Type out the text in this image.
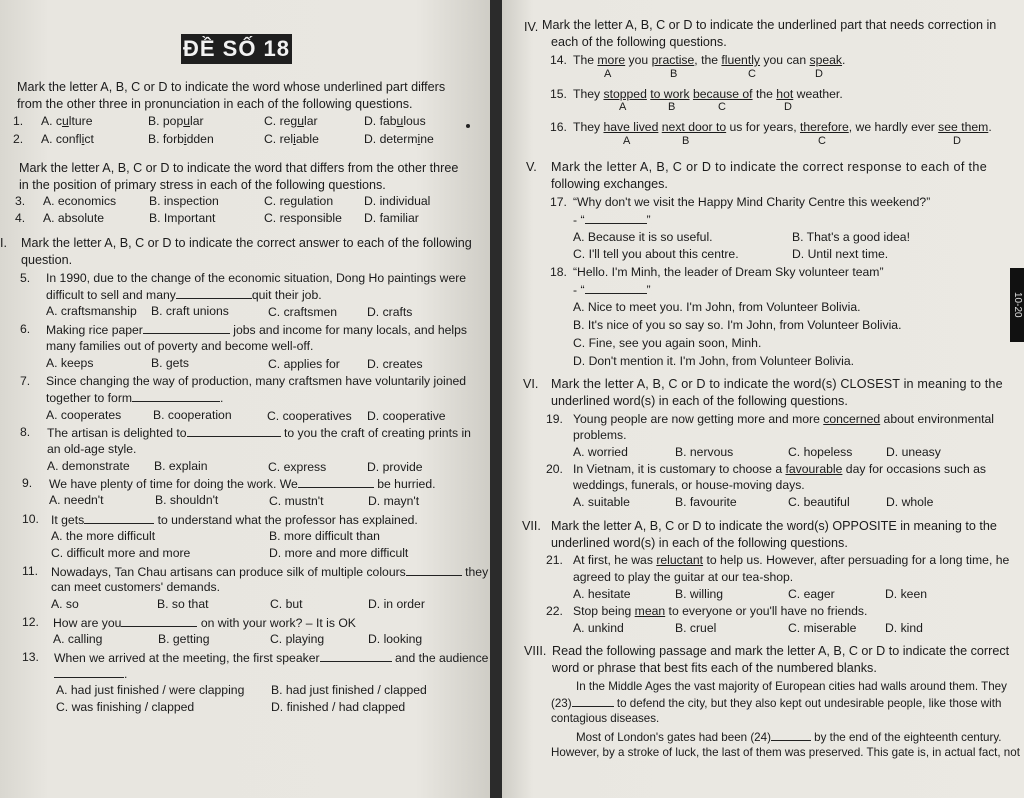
ĐỀ SỐ 18
Mark the letter A, B, C or D to indicate the word whose underlined part differs
from the other three in pronunciation in each of the following questions.
1. A. culture	B. popular	C. regular	D. fabulous
2. A. conflict	B. forbidden	C. reliable	D. determine
Mark the letter A, B, C or D to indicate the word that differs from the other three
in the position of primary stress in each of the following questions.
3. A. economics	B. inspection	C. regulation	D. individual
4. A. absolute	B. Important	C. responsible D. familiar
I. Mark the letter A, B, C or D to indicate the correct answer to each of the following
question.
5. In 1990, due to the change of the economic situation, Dong Ho paintings were
difficult to sell and many	quit their job.
A. craftsmanship B. craft unions	C. craftsmen D. crafts
6. Making rice paper	jobs and income for many locals, and helps
many families out of poverty and become well-off.
A. keeps	B. gets	C. applies for D. creates
7. Since changing the way of production, many craftsmen have voluntarily joined
together to form	.
A. cooperates	B. cooperation	C. cooperatives D. cooperative
8. The artisan is delighted to	to you the craft of creating prints in
an old-age style.
A. demonstrate B. explain	C. express	D. provide
9. We have plenty of time for doing the work. We	be hurried.
A. needn't	B. shouldn't	C. mustn't	D. mayn't
10. It gets	to understand what the professor has explained.
A. the more difficult	B. more difficult than
C. difficult more and more	D. more and more difficult
11. Nowadays, Tan Chau artisans can produce silk of multiple colours	they
can meet customers' demands.
A. so	B. so that	C. but	D. in order
12. How are you	on with your work? – It is OK
A. calling	B. getting	C. playing	D. looking
13. When we arrived at the meeting, the first speaker	and the audience
.
A. had just finished / were clapping B. had just finished / clapped
C. was finishing / clapped	D. finished / had clapped
IV. Mark the letter A, B, C or D to indicate the underlined part that needs correction in
each of the following questions.
14. The more you practise, the fluently you can speak.
A	B	C	D
15. They stopped to work because of the hot weather.
A	B	C	D
16. They have lived next door to us for years, therefore, we hardly ever see them.
A	B	C	D
V. Mark the letter A, B, C or D to indicate the correct response to each of the
following exchanges.
17. “Why don't we visit the Happy Mind Charity Centre this weekend?”
- “	”
A. Because it is so useful.	B. That's a good idea!
C. I'll tell you about this centre.	D. Until next time.
18. “Hello. I'm Minh, the leader of Dream Sky volunteer team”
- “	”
A. Nice to meet you. I'm John, from Volunteer Bolivia.
B. It's nice of you so say so. I'm John, from Volunteer Bolivia.
C. Fine, see you again soon, Minh.
D. Don't mention it. I'm John, from Volunteer Bolivia.
VI. Mark the letter A, B, C or D to indicate the word(s) CLOSEST in meaning to the
underlined word(s) in each of the following questions.
19. Young people are now getting more and more concerned about environmental
problems.
A. worried	B. nervous	C. hopeless	D. uneasy
20. In Vietnam, it is customary to choose a favourable day for occasions such as
weddings, funerals, or house-moving days.
A. suitable	B. favourite	C. beautiful	D. whole
VII. Mark the letter A, B, C or D to indicate the word(s) OPPOSITE in meaning to the
underlined word(s) in each of the following questions.
21. At first, he was reluctant to help us. However, after persuading for a long time, he
agreed to play the guitar at our tea-shop.
A. hesitate	B. willing	C. eager	D. keen
22. Stop being mean to everyone or you'll have no friends.
A. unkind	B. cruel	C. miserable D. kind
VIII. Read the following passage and mark the letter A, B, C or D to indicate the correct
word or phrase that best fits each of the numbered blanks.
In the Middle Ages the vast majority of European cities had walls around them. They
(23)	to defend the city, but they also kept out undesirable people, like those with
contagious diseases.
Most of London's gates had been (24)	by the end of the eighteenth century.
However, by a stroke of luck, the last of them was preserved. This gate is, in actual fact, not
10-20
